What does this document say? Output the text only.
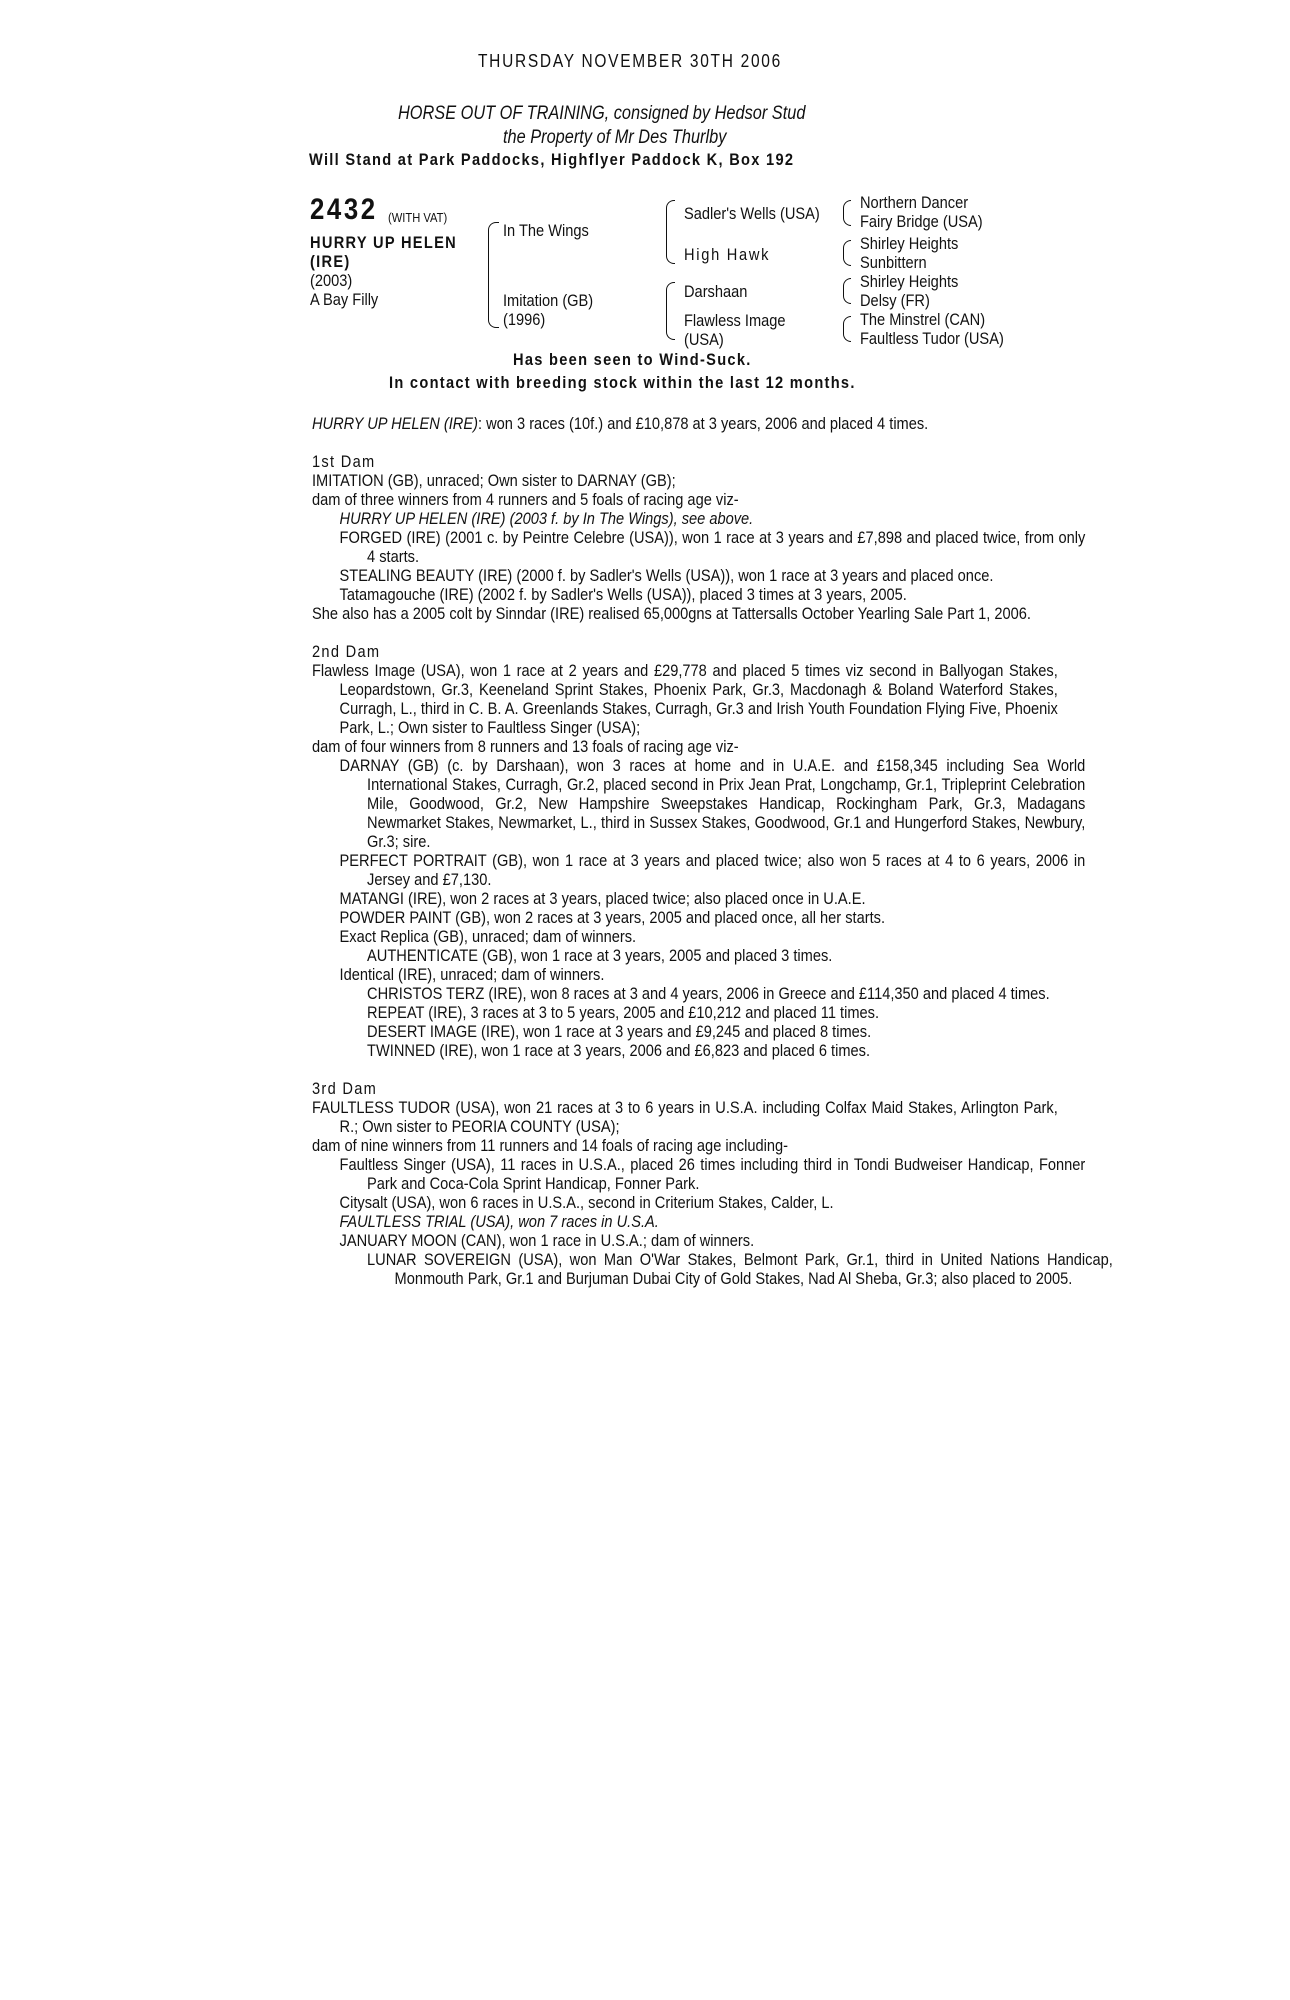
THURSDAY NOVEMBER 30TH 2006
HORSE OUT OF TRAINING, consigned by Hedsor Stud
the Property of Mr Des Thurlby
Will Stand at Park Paddocks, Highflyer Paddock K, Box 192
2432 (WITH VAT)
HURRY UP HELEN
(IRE)
(2003)
A Bay Filly
In The Wings
Imitation (GB)
(1996)
Sadler's Wells (USA)
High Hawk
Darshaan
Flawless Image
(USA)
Northern Dancer
Fairy Bridge (USA)
Shirley Heights
Sunbittern
Shirley Heights
Delsy (FR)
The Minstrel (CAN)
Faultless Tudor (USA)
Has been seen to Wind-Suck.
In contact with breeding stock within the last 12 months.

HURRY UP HELEN (IRE): won 3 races (10f.) and £10,878 at 3 years, 2006 and placed 4 times.

1st Dam

IMITATION (GB), unraced; Own sister to DARNAY (GB);

dam of three winners from 4 runners and 5 foals of racing age viz-

HURRY UP HELEN (IRE) (2003 f. by In The Wings), see above.

FORGED (IRE) (2001 c. by Peintre Celebre (USA)), won 1 race at 3 years and £7,898 and placed twice, from only 4 starts.

STEALING BEAUTY (IRE) (2000 f. by Sadler's Wells (USA)), won 1 race at 3 years and placed once.

Tatamagouche (IRE) (2002 f. by Sadler's Wells (USA)), placed 3 times at 3 years, 2005.

She also has a 2005 colt by Sinndar (IRE) realised 65,000gns at Tattersalls October Yearling Sale Part 1, 2006.

2nd Dam

Flawless Image (USA), won 1 race at 2 years and £29,778 and placed 5 times viz second in Ballyogan Stakes, Leopardstown, Gr.3, Keeneland Sprint Stakes, Phoenix Park, Gr.3, Macdonagh & Boland Waterford Stakes, Curragh, L., third in C. B. A. Greenlands Stakes, Curragh, Gr.3 and Irish Youth Foundation Flying Five, Phoenix Park, L.; Own sister to Faultless Singer (USA);

dam of four winners from 8 runners and 13 foals of racing age viz-

DARNAY (GB) (c. by Darshaan), won 3 races at home and in U.A.E. and £158,345 including Sea World International Stakes, Curragh, Gr.2, placed second in Prix Jean Prat, Longchamp, Gr.1, Tripleprint Celebration Mile, Goodwood, Gr.2, New Hampshire Sweepstakes Handicap, Rockingham Park, Gr.3, Madagans Newmarket Stakes, Newmarket, L., third in Sussex Stakes, Goodwood, Gr.1 and Hungerford Stakes, Newbury, Gr.3; sire.

PERFECT PORTRAIT (GB), won 1 race at 3 years and placed twice; also won 5 races at 4 to 6 years, 2006 in Jersey and £7,130.

MATANGI (IRE), won 2 races at 3 years, placed twice; also placed once in U.A.E.

POWDER PAINT (GB), won 2 races at 3 years, 2005 and placed once, all her starts.

Exact Replica (GB), unraced; dam of winners.

AUTHENTICATE (GB), won 1 race at 3 years, 2005 and placed 3 times.

Identical (IRE), unraced; dam of winners.

CHRISTOS TERZ (IRE), won 8 races at 3 and 4 years, 2006 in Greece and £114,350 and placed 4 times.

REPEAT (IRE), 3 races at 3 to 5 years, 2005 and £10,212 and placed 11 times.

DESERT IMAGE (IRE), won 1 race at 3 years and £9,245 and placed 8 times.

TWINNED (IRE), won 1 race at 3 years, 2006 and £6,823 and placed 6 times.

3rd Dam

FAULTLESS TUDOR (USA), won 21 races at 3 to 6 years in U.S.A. including Colfax Maid Stakes, Arlington Park, R.; Own sister to PEORIA COUNTY (USA);

dam of nine winners from 11 runners and 14 foals of racing age including-

Faultless Singer (USA), 11 races in U.S.A., placed 26 times including third in Tondi Budweiser Handicap, Fonner Park and Coca-Cola Sprint Handicap, Fonner Park.

Citysalt (USA), won 6 races in U.S.A., second in Criterium Stakes, Calder, L.

FAULTLESS TRIAL (USA), won 7 races in U.S.A.

JANUARY MOON (CAN), won 1 race in U.S.A.; dam of winners.

LUNAR SOVEREIGN (USA), won Man O'War Stakes, Belmont Park, Gr.1, third in United Nations Handicap, Monmouth Park, Gr.1 and Burjuman Dubai City of Gold Stakes, Nad Al Sheba, Gr.3; also placed to 2005.
